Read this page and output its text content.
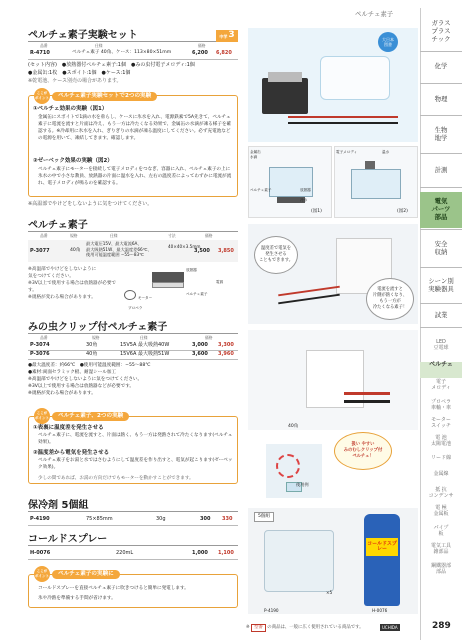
ペルチェ素子
ガラス
プラス
チック
化学
物理
生物
地学
計測
電気
パーツ
部品
安全
収納
シーン別
実験器具
試業
LED
豆電球
ペルチェ
電子
メロディ
プロペラ
車軸・車
モーター
スイッチ
電 池
太陽電池
リード線
金属線
抵 抗
コンデンサ
電 極
金属板
パイプ
板
電気工具
雑部品
鋼鐵器部
部品
ペルチェ素子実験セット	中学 3
品番	仕様	価格
R-4710	ペルチェ素子 40角、ケース：113×80×51mm	6,200 6,820
(セット内容)　●放熱器付ペルチェ素子:1個　●みの虫付電子メロディ:1個
●金属缶:1枚　●スポイト:1個　●ケース:1個
※乾電池、ケース別売の場合があります。
ここが
ポイント	ペルチェ素子実験セットで2つの実験
①ペルチェ効果の実験（図1）
金属缶にスポイトで1滴の水を垂らし、ケースに氷水を入れ、電源鉄素で5A先きて、ペルチェ素子に電流を流すと片面は冷え、もう一方は冷たくなる効果で、金属缶の水滴が凍る様子を確認する。※冷却用に氷水を入れ、ぎりぎりの水滴が凍る温度にしてください。必ず充電池などの電源を用いて、凍結してきます。確認します。
②ゼーベック効果の実験（図2）
ペルチェ素子にモーターを接続して電子メロディをつなぎ、容器に入れ、ペルチェ素子の上に氷水の中で小さな教員、放熱器の片面に温水を入れ、左右の温度差によってわずかに電流が流れ、電子メロディが鳴るのを確認する。
※高温部でやけどをしないように気をつけてください。
大日本
図書
(図1)	(図2)
金属缶
水滴
ペルチェ素子
冷水
放熱器
電子メロディ	温水
ペルチェ素子
品番	規格	仕様	寸法	価格
P-3077	40角
最大電圧15V、最大電流6A、
最大吸熱51W、最大温度差66℃、
使用可能温度範囲 −55〜83℃
40×40×3.5mm
3,500 3,850
※高温部でやけどをしないように
気をつけてください。
※3V以上で使用する場合は放熱器が必要です。
※規格が変わる場合があります。
電源
放熱器
モーター
プロペラ
ペルチェ素子
温度差で電気を
発生させる
こともできます。
電流を流すと
片側が熱くなり、
もう一方が
冷たくなる素子！
みの虫クリップ付ペルチェ素子
品番	規格	仕様	価格
P-3074	30角	15V5A 最大吸熱40W	3,000 3,300
P-3076	40角	15V6A 最大吸熱51W	3,600 3,960
●最大温度差：約66℃　●使用可能温度範囲：−55〜88℃
●素材:両面セラミック板、耐湿シール加工
※高温部でやけどをしないように気をつけてください。
※3V以上で使用する場合は放熱器などが必要です。
※規格が変わる場合があります。
ここが
ポイント	ペルチェ素子、2つの実験
①表裏に温度差を発生させる
ペルチェ素子に、電流を流すと、片面は熱く、もう一方は発熱されて冷たくなります(ペルチェ効果)。
②温度差から電気を発生させる
ペルチェ素子をお湯と水ではさむようにして温度差を作り出すと、電気が起こります(ゼーベック効果)。
少しの間であれば、お湯の方向だけでもモーターを動かすことができます。
40角
扱い やすい
みのむしクリップ付
ペルチェ！
使用例
保冷剤 5個組
P-4190	75×85mm	30g	300 330
コールドスプレー
H-0076	220mL	1,000 1,100
ここが
ポイント	ペルチェ素子の実験に
コールドスプレーを直接ペルチェ素子に吹きつけると簡単に発電します。
氷や冷熱を準備する手間が省けます。
コールドスプレー
5個組
×5
P-4190	H-0076
※ 型番 の商品は、一般に広く使用されている商品です。	UCHIDA	289
